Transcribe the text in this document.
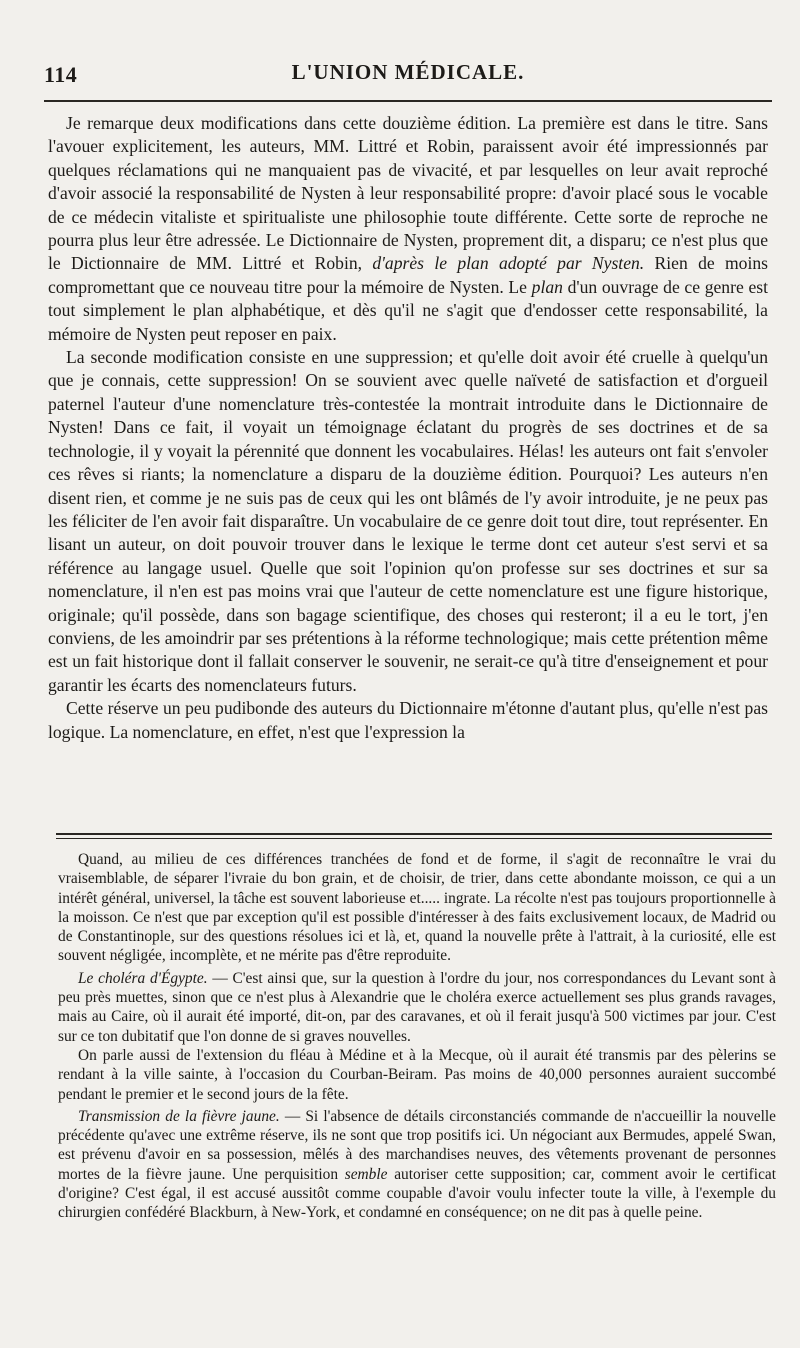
114	L'UNION MÉDICALE.

Je remarque deux modifications dans cette douzième édition. La première est dans le titre. Sans l'avouer explicitement, les auteurs, MM. Littré et Robin, paraissent avoir été impressionnés par quelques réclamations qui ne manquaient pas de vivacité, et par lesquelles on leur avait reproché d'avoir associé la responsabilité de Nysten à leur responsabilité propre: d'avoir placé sous le vocable de ce médecin vitaliste et spiritualiste une philosophie toute différente. Cette sorte de reproche ne pourra plus leur être adressée. Le Dictionnaire de Nysten, proprement dit, a disparu; ce n'est plus que le Dictionnaire de MM. Littré et Robin, d'après le plan adopté par Nysten. Rien de moins compromettant que ce nouveau titre pour la mémoire de Nysten. Le plan d'un ouvrage de ce genre est tout simplement le plan alphabétique, et dès qu'il ne s'agit que d'endosser cette responsabilité, la mémoire de Nysten peut reposer en paix.

La seconde modification consiste en une suppression; et qu'elle doit avoir été cruelle à quelqu'un que je connais, cette suppression! On se souvient avec quelle naïveté de satisfaction et d'orgueil paternel l'auteur d'une nomenclature très-contestée la montrait introduite dans le Dictionnaire de Nysten! Dans ce fait, il voyait un témoignage éclatant du progrès de ses doctrines et de sa technologie, il y voyait la pérennité que donnent les vocabulaires. Hélas! les auteurs ont fait s'envoler ces rêves si riants; la nomenclature a disparu de la douzième édition. Pourquoi? Les auteurs n'en disent rien, et comme je ne suis pas de ceux qui les ont blâmés de l'y avoir introduite, je ne peux pas les féliciter de l'en avoir fait disparaître. Un vocabulaire de ce genre doit tout dire, tout représenter. En lisant un auteur, on doit pouvoir trouver dans le lexique le terme dont cet auteur s'est servi et sa référence au langage usuel. Quelle que soit l'opinion qu'on professe sur ses doctrines et sur sa nomenclature, il n'en est pas moins vrai que l'auteur de cette nomenclature est une figure historique, originale; qu'il possède, dans son bagage scientifique, des choses qui resteront; il a eu le tort, j'en conviens, de les amoindrir par ses prétentions à la réforme technologique; mais cette prétention même est un fait historique dont il fallait conserver le souvenir, ne serait-ce qu'à titre d'enseignement et pour garantir les écarts des nomenclateurs futurs.

Cette réserve un peu pudibonde des auteurs du Dictionnaire m'étonne d'autant plus, qu'elle n'est pas logique. La nomenclature, en effet, n'est que l'expression la

Quand, au milieu de ces différences tranchées de fond et de forme, il s'agit de reconnaître le vrai du vraisemblable, de séparer l'ivraie du bon grain, et de choisir, de trier, dans cette abondante moisson, ce qui a un intérêt général, universel, la tâche est souvent laborieuse et..... ingrate. La récolte n'est pas toujours proportionnelle à la moisson. Ce n'est que par exception qu'il est possible d'intéresser à des faits exclusivement locaux, de Madrid ou de Constantinople, sur des questions résolues ici et là, et, quand la nouvelle prête à l'attrait, à la curiosité, elle est souvent négligée, incomplète, et ne mérite pas d'être reproduite.

Le choléra d'Égypte. — C'est ainsi que, sur la question à l'ordre du jour, nos correspondances du Levant sont à peu près muettes, sinon que ce n'est plus à Alexandrie que le choléra exerce actuellement ses plus grands ravages, mais au Caire, où il aurait été importé, dit-on, par des caravanes, et où il ferait jusqu'à 500 victimes par jour. C'est sur ce ton dubitatif que l'on donne de si graves nouvelles.

On parle aussi de l'extension du fléau à Médine et à la Mecque, où il aurait été transmis par des pèlerins se rendant à la ville sainte, à l'occasion du Courban-Beiram. Pas moins de 40,000 personnes auraient succombé pendant le premier et le second jours de la fête.

Transmission de la fièvre jaune. — Si l'absence de détails circonstanciés commande de n'accueillir la nouvelle précédente qu'avec une extrême réserve, ils ne sont que trop positifs ici. Un négociant aux Bermudes, appelé Swan, est prévenu d'avoir en sa possession, mêlés à des marchandises neuves, des vêtements provenant de personnes mortes de la fièvre jaune. Une perquisition semble autoriser cette supposition; car, comment avoir le certificat d'origine? C'est égal, il est accusé aussitôt comme coupable d'avoir voulu infecter toute la ville, à l'exemple du chirurgien confédéré Blackburn, à New-York, et condamné en conséquence; on ne dit pas à quelle peine.
